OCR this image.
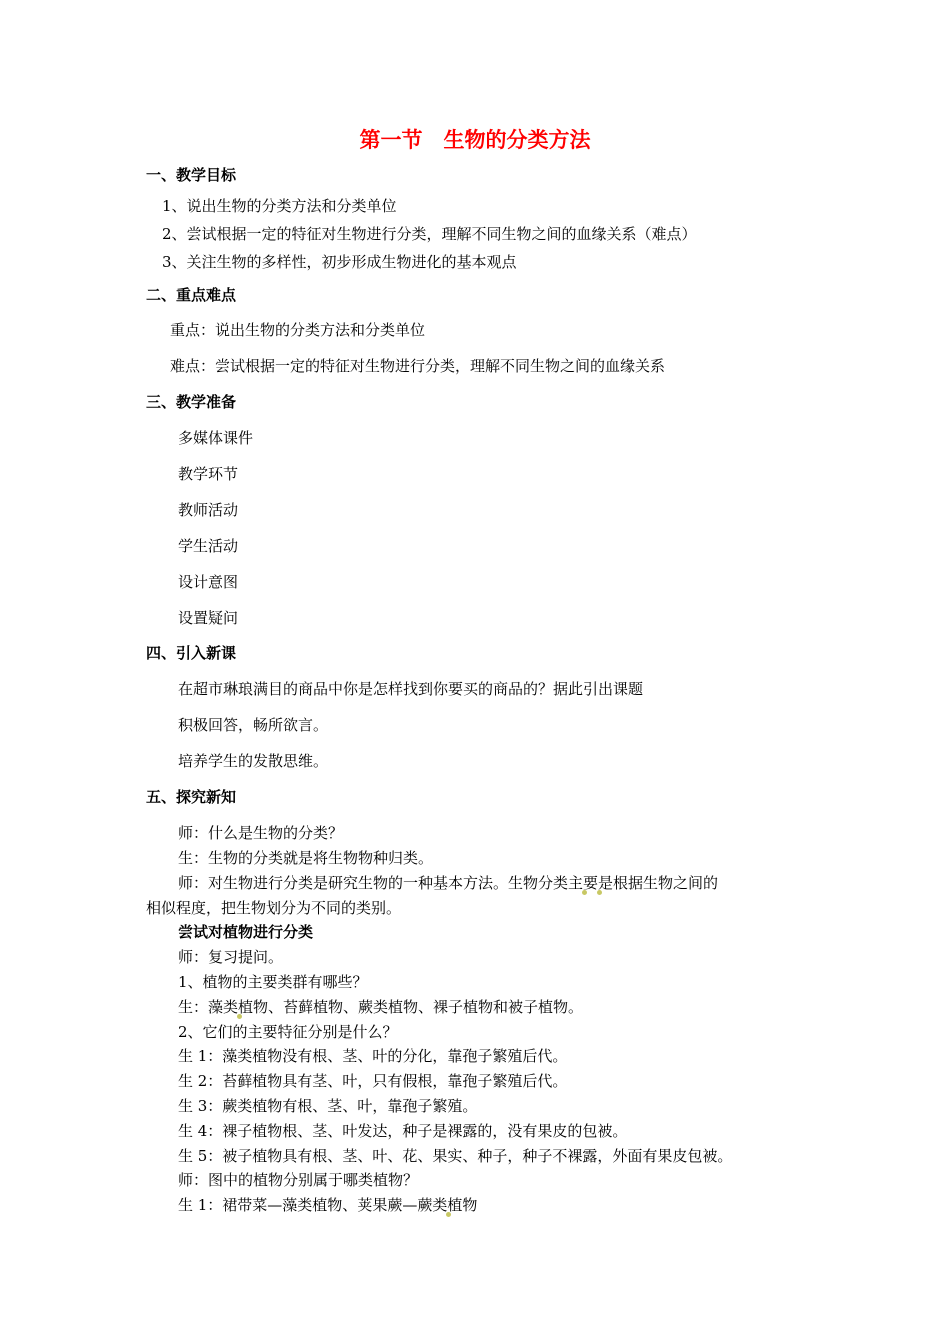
第一节　生物的分类方法
一、教学目标
1、说出生物的分类方法和分类单位
2、尝试根据一定的特征对生物进行分类，理解不同生物之间的血缘关系（难点）
3、关注生物的多样性，初步形成生物进化的基本观点
二、重点难点
重点：说出生物的分类方法和分类单位
难点：尝试根据一定的特征对生物进行分类，理解不同生物之间的血缘关系
三、教学准备
多媒体课件
教学环节
教师活动
学生活动
设计意图
设置疑问
四、引入新课
在超市琳琅满目的商品中你是怎样找到你要买的商品的？据此引出课题
积极回答，畅所欲言。
培养学生的发散思维。
五、探究新知
师：什么是生物的分类？
生：生物的分类就是将生物物种归类。
师：对生物进行分类是研究生物的一种基本方法。生物分类主要是根据生物之间的
相似程度，把生物划分为不同的类别。
尝试对植物进行分类
师：复习提问。
1、植物的主要类群有哪些？
生：藻类植物、苔藓植物、蕨类植物、裸子植物和被子植物。
2、它们的主要特征分别是什么？
生 1：藻类植物没有根、茎、叶的分化，靠孢子繁殖后代。
生 2：苔藓植物具有茎、叶，只有假根，靠孢子繁殖后代。
生 3：蕨类植物有根、茎、叶，靠孢子繁殖。
生 4：裸子植物根、茎、叶发达，种子是裸露的，没有果皮的包被。
生 5：被子植物具有根、茎、叶、花、果实、种子，种子不裸露，外面有果皮包被。
师：图中的植物分别属于哪类植物？
生 1：裙带菜—藻类植物、荚果蕨—蕨类植物
